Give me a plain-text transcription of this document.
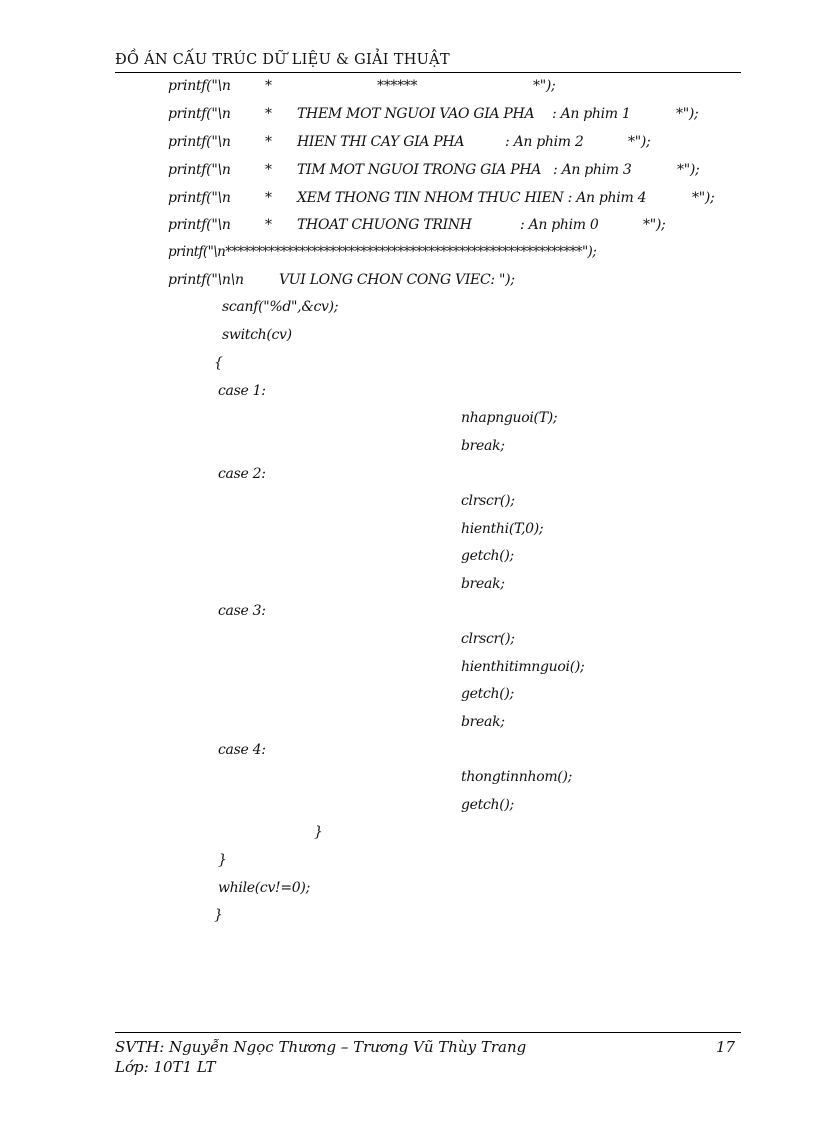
ĐỒ ÁN CẤU TRÚC DỮ LIỆU & GIẢI THUẬT
printf("\n *	******	*");
printf("\n * THEM MOT NGUOI VAO GIA PHA : An phim 1	*");
printf("\n * HIEN THI CAY GIA PHA	: An phim 2	*");
printf("\n * TIM MOT NGUOI TRONG GIA PHA : An phim 3	*");
printf("\n * XEM THONG TIN NHOM THUC HIEN : An phim 4	*");
printf("\n * THOAT CHUONG TRINH	: An phim 0	*");
printf("\n**********************************************************");
printf("\n\n	VUI LONG CHON CONG VIEC: ");
scanf("%d",&cv);
switch(cv)
{
case 1:
nhapnguoi(T);
break;
case 2:
clrscr();
hienthi(T,0);
getch();
break;
case 3:
clrscr();
hienthitimnguoi();
getch();
break;
case 4:
thongtinnhom();
getch();
}
}
while(cv!=0);
}
SVTH: Nguyễn Ngọc Thương – Trương Vũ Thùy Trang	17
Lớp: 10T1 LT
